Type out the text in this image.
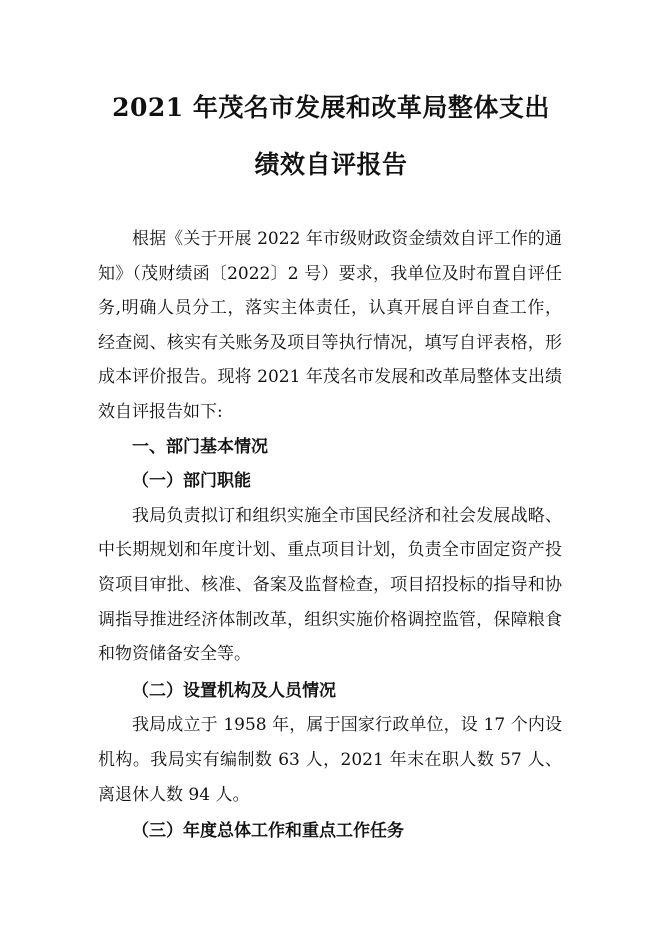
2021 年茂名市发展和改革局整体支出
绩效自评报告

根据《关于开展 2022 年市级财政资金绩效自评工作的通知》（茂财绩函〔2022〕2 号）要求，我单位及时布置自评任务,明确人员分工，落实主体责任，认真开展自评自查工作，经查阅、核实有关账务及项目等执行情况，填写自评表格，形成本评价报告。现将 2021 年茂名市发展和改革局整体支出绩效自评报告如下:

一、部门基本情况
（一）部门职能

我局负责拟订和组织实施全市国民经济和社会发展战略、中长期规划和年度计划、重点项目计划，负责全市固定资产投资项目审批、核准、备案及监督检查，项目招投标的指导和协调指导推进经济体制改革，组织实施价格调控监管，保障粮食和物资储备安全等。

（二）设置机构及人员情况

我局成立于 1958 年，属于国家行政单位，设 17 个内设机构。我局实有编制数 63 人，2021 年末在职人数 57 人、离退休人数 94 人。

（三）年度总体工作和重点工作任务
